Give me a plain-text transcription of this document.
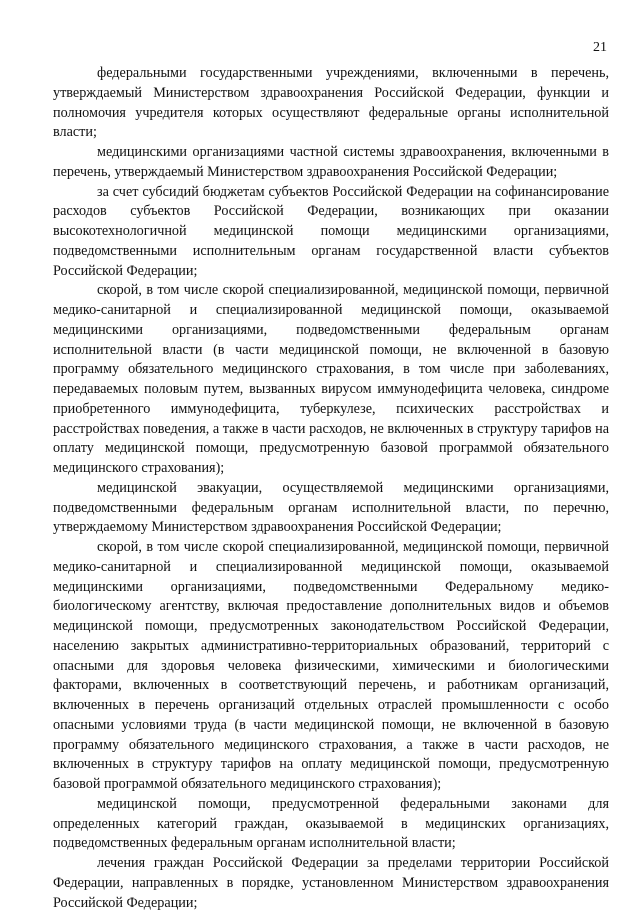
21

федеральными государственными учреждениями, включенными в перечень, утверждаемый Министерством здравоохранения Российской Федерации, функции и полномочия учредителя которых осуществляют федеральные органы исполнительной власти;

медицинскими организациями частной системы здравоохранения, включенными в перечень, утверждаемый Министерством здравоохранения Российской Федерации;

за счет субсидий бюджетам субъектов Российской Федерации на софинансирование расходов субъектов Российской Федерации, возникающих при оказании высокотехнологичной медицинской помощи медицинскими организациями, подведомственными исполнительным органам государственной власти субъектов Российской Федерации;

скорой, в том числе скорой специализированной, медицинской помощи, первичной медико-санитарной и специализированной медицинской помощи, оказываемой медицинскими организациями, подведомственными федеральным органам исполнительной власти (в части медицинской помощи, не включенной в базовую программу обязательного медицинского страхования, в том числе при заболеваниях, передаваемых половым путем, вызванных вирусом иммунодефицита человека, синдроме приобретенного иммунодефицита, туберкулезе, психических расстройствах и расстройствах поведения, а также в части расходов, не включенных в структуру тарифов на оплату медицинской помощи, предусмотренную базовой программой обязательного медицинского страхования);

медицинской эвакуации, осуществляемой медицинскими организациями, подведомственными федеральным органам исполнительной власти, по перечню, утверждаемому Министерством здравоохранения Российской Федерации;

скорой, в том числе скорой специализированной, медицинской помощи, первичной медико-санитарной и специализированной медицинской помощи, оказываемой медицинскими организациями, подведомственными Федеральному медико-биологическому агентству, включая предоставление дополнительных видов и объемов медицинской помощи, предусмотренных законодательством Российской Федерации, населению закрытых административно-территориальных образований, территорий с опасными для здоровья человека физическими, химическими и биологическими факторами, включенных в соответствующий перечень, и работникам организаций, включенных в перечень организаций отдельных отраслей промышленности с особо опасными условиями труда (в части медицинской помощи, не включенной в базовую программу обязательного медицинского страхования, а также в части расходов, не включенных в структуру тарифов на оплату медицинской помощи, предусмотренную базовой программой обязательного медицинского страхования);

медицинской помощи, предусмотренной федеральными законами для определенных категорий граждан, оказываемой в медицинских организациях, подведомственных федеральным органам исполнительной власти;

лечения граждан Российской Федерации за пределами территории Российской Федерации, направленных в порядке, установленном Министерством здравоохранения Российской Федерации;
